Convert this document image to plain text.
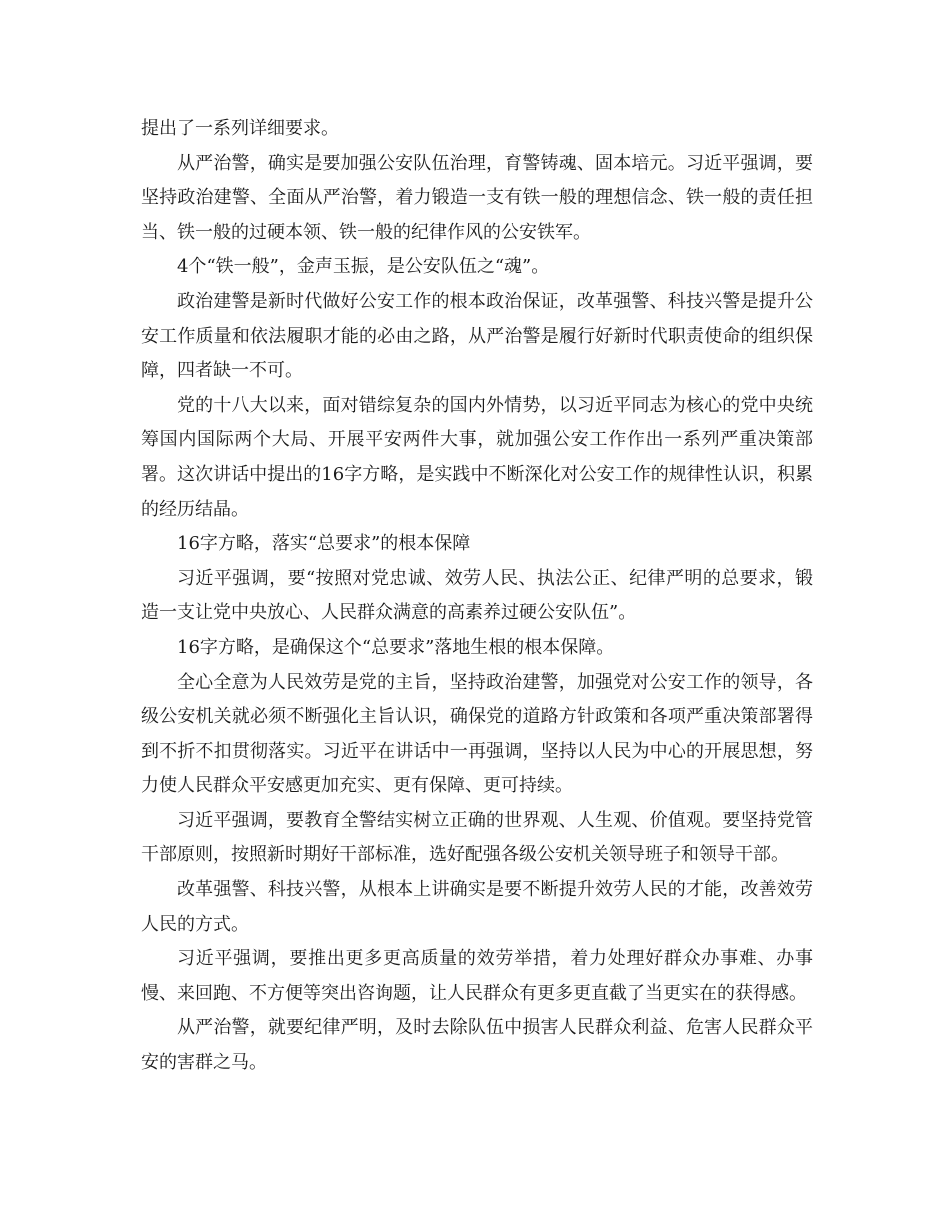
提出了一系列详细要求。

从严治警，确实是要加强公安队伍治理，育警铸魂、固本培元。习近平强调，要坚持政治建警、全面从严治警，着力锻造一支有铁一般的理想信念、铁一般的责任担当、铁一般的过硬本领、铁一般的纪律作风的公安铁军。

4个“铁一般”，金声玉振，是公安队伍之“魂”。

政治建警是新时代做好公安工作的根本政治保证，改革强警、科技兴警是提升公安工作质量和依法履职才能的必由之路，从严治警是履行好新时代职责使命的组织保障，四者缺一不可。

党的十八大以来，面对错综复杂的国内外情势，以习近平同志为核心的党中央统筹国内国际两个大局、开展平安两件大事，就加强公安工作作出一系列严重决策部署。这次讲话中提出的16字方略，是实践中不断深化对公安工作的规律性认识，积累的经历结晶。

16字方略，落实“总要求”的根本保障

习近平强调，要“按照对党忠诚、效劳人民、执法公正、纪律严明的总要求，锻造一支让党中央放心、人民群众满意的高素养过硬公安队伍”。

16字方略，是确保这个“总要求”落地生根的根本保障。

全心全意为人民效劳是党的主旨，坚持政治建警，加强党对公安工作的领导，各级公安机关就必须不断强化主旨认识，确保党的道路方针政策和各项严重决策部署得到不折不扣贯彻落实。习近平在讲话中一再强调，坚持以人民为中心的开展思想，努力使人民群众平安感更加充实、更有保障、更可持续。

习近平强调，要教育全警结实树立正确的世界观、人生观、价值观。要坚持党管干部原则，按照新时期好干部标准，选好配强各级公安机关领导班子和领导干部。

改革强警、科技兴警，从根本上讲确实是要不断提升效劳人民的才能，改善效劳人民的方式。

习近平强调，要推出更多更高质量的效劳举措，着力处理好群众办事难、办事慢、来回跑、不方便等突出咨询题，让人民群众有更多更直截了当更实在的获得感。

从严治警，就要纪律严明，及时去除队伍中损害人民群众利益、危害人民群众平安的害群之马。
